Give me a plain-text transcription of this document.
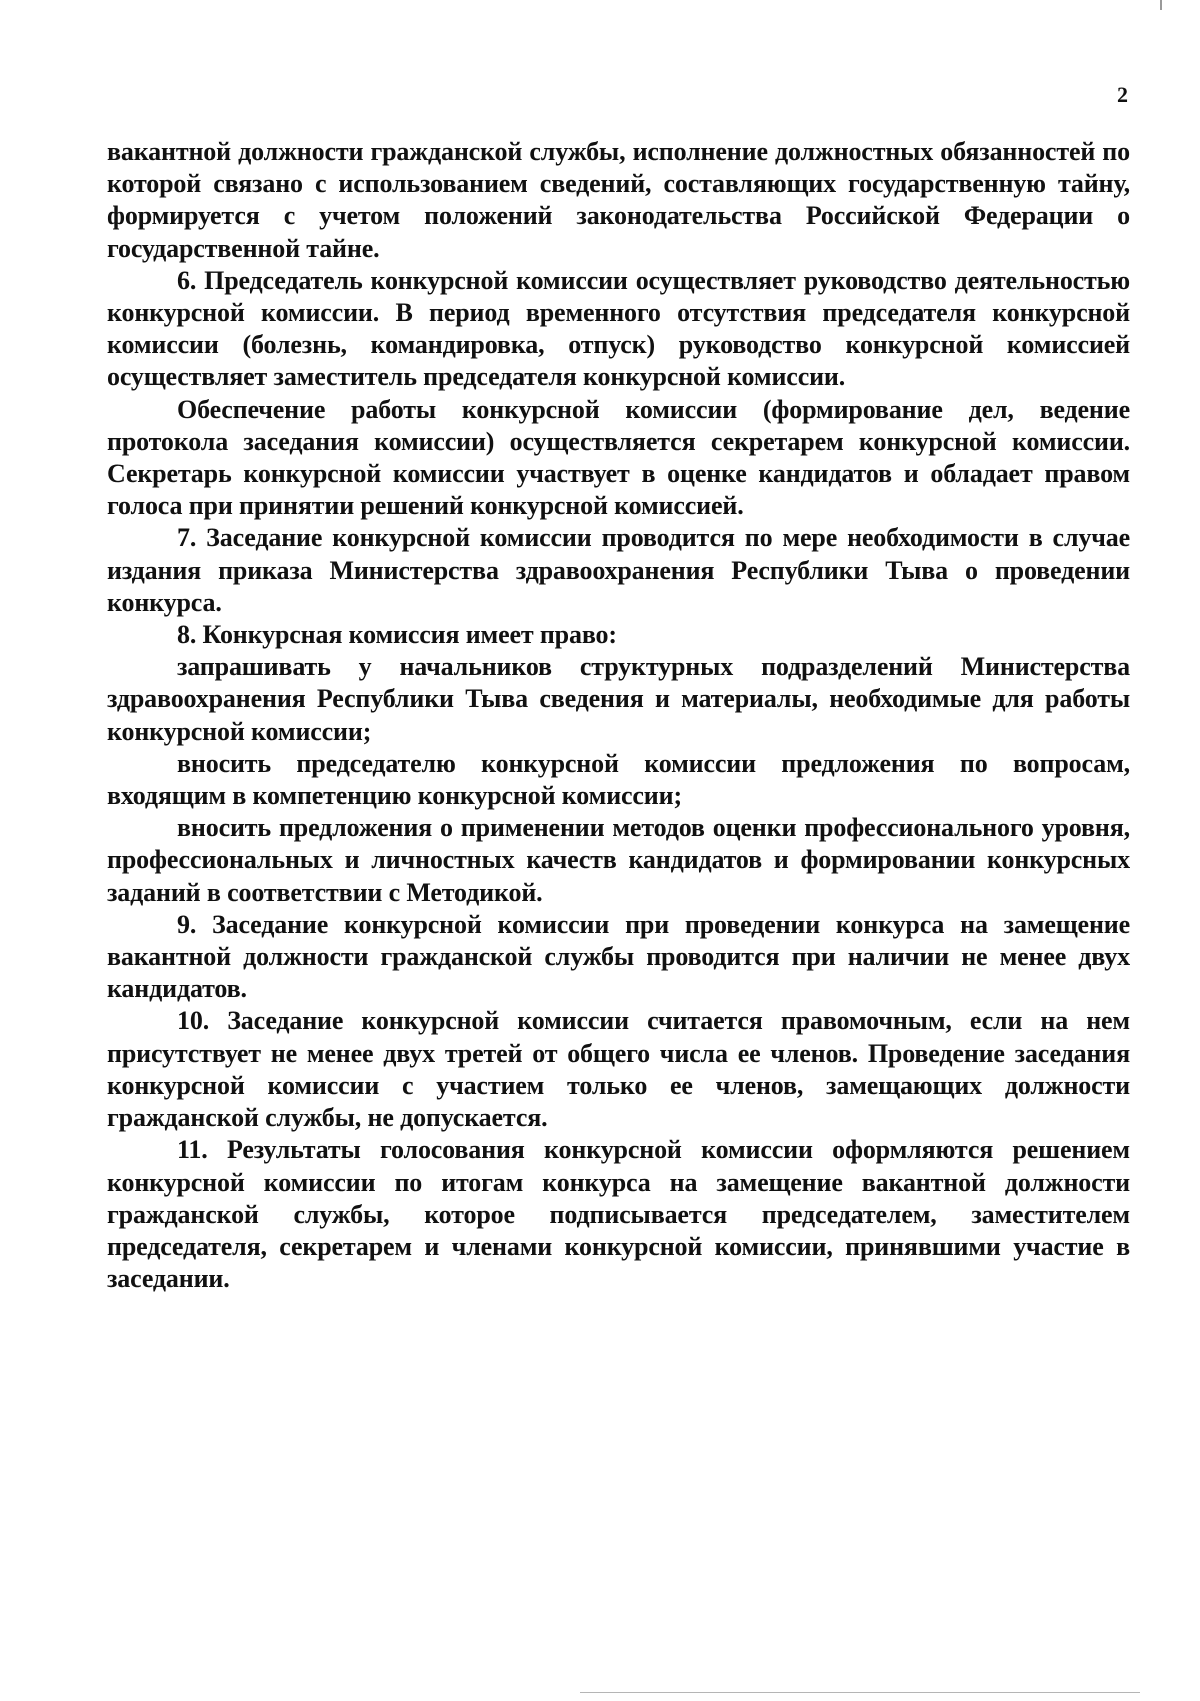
2

вакантной должности гражданской службы, исполнение должностных обязанностей по которой связано с использованием сведений, составляющих государственную тайну, формируется с учетом положений законодательства Российской Федерации о государственной тайне.

6. Председатель конкурсной комиссии осуществляет руководство деятельностью конкурсной комиссии. В период временного отсутствия председателя конкурсной комиссии (болезнь, командировка, отпуск) руководство конкурсной комиссией осуществляет заместитель председателя конкурсной комиссии.

Обеспечение работы конкурсной комиссии (формирование дел, ведение протокола заседания комиссии) осуществляется секретарем конкурсной комиссии. Секретарь конкурсной комиссии участвует в оценке кандидатов и обладает правом голоса при принятии решений конкурсной комиссией.

7. Заседание конкурсной комиссии проводится по мере необходимости в случае издания приказа Министерства здравоохранения Республики Тыва о проведении конкурса.

8. Конкурсная комиссия имеет право:

запрашивать у начальников структурных подразделений Министерства здравоохранения Республики Тыва сведения и материалы, необходимые для работы конкурсной комиссии;

вносить председателю конкурсной комиссии предложения по вопросам, входящим в компетенцию конкурсной комиссии;

вносить предложения о применении методов оценки профессионального уровня, профессиональных и личностных качеств кандидатов и формировании конкурсных заданий в соответствии с Методикой.

9. Заседание конкурсной комиссии при проведении конкурса на замещение вакантной должности гражданской службы проводится при наличии не менее двух кандидатов.

10. Заседание конкурсной комиссии считается правомочным, если на нем присутствует не менее двух третей от общего числа ее членов. Проведение заседания конкурсной комиссии с участием только ее членов, замещающих должности гражданской службы, не допускается.

11. Результаты голосования конкурсной комиссии оформляются решением конкурсной комиссии по итогам конкурса на замещение вакантной должности гражданской службы, которое подписывается председателем, заместителем председателя, секретарем и членами конкурсной комиссии, принявшими участие в заседании.
